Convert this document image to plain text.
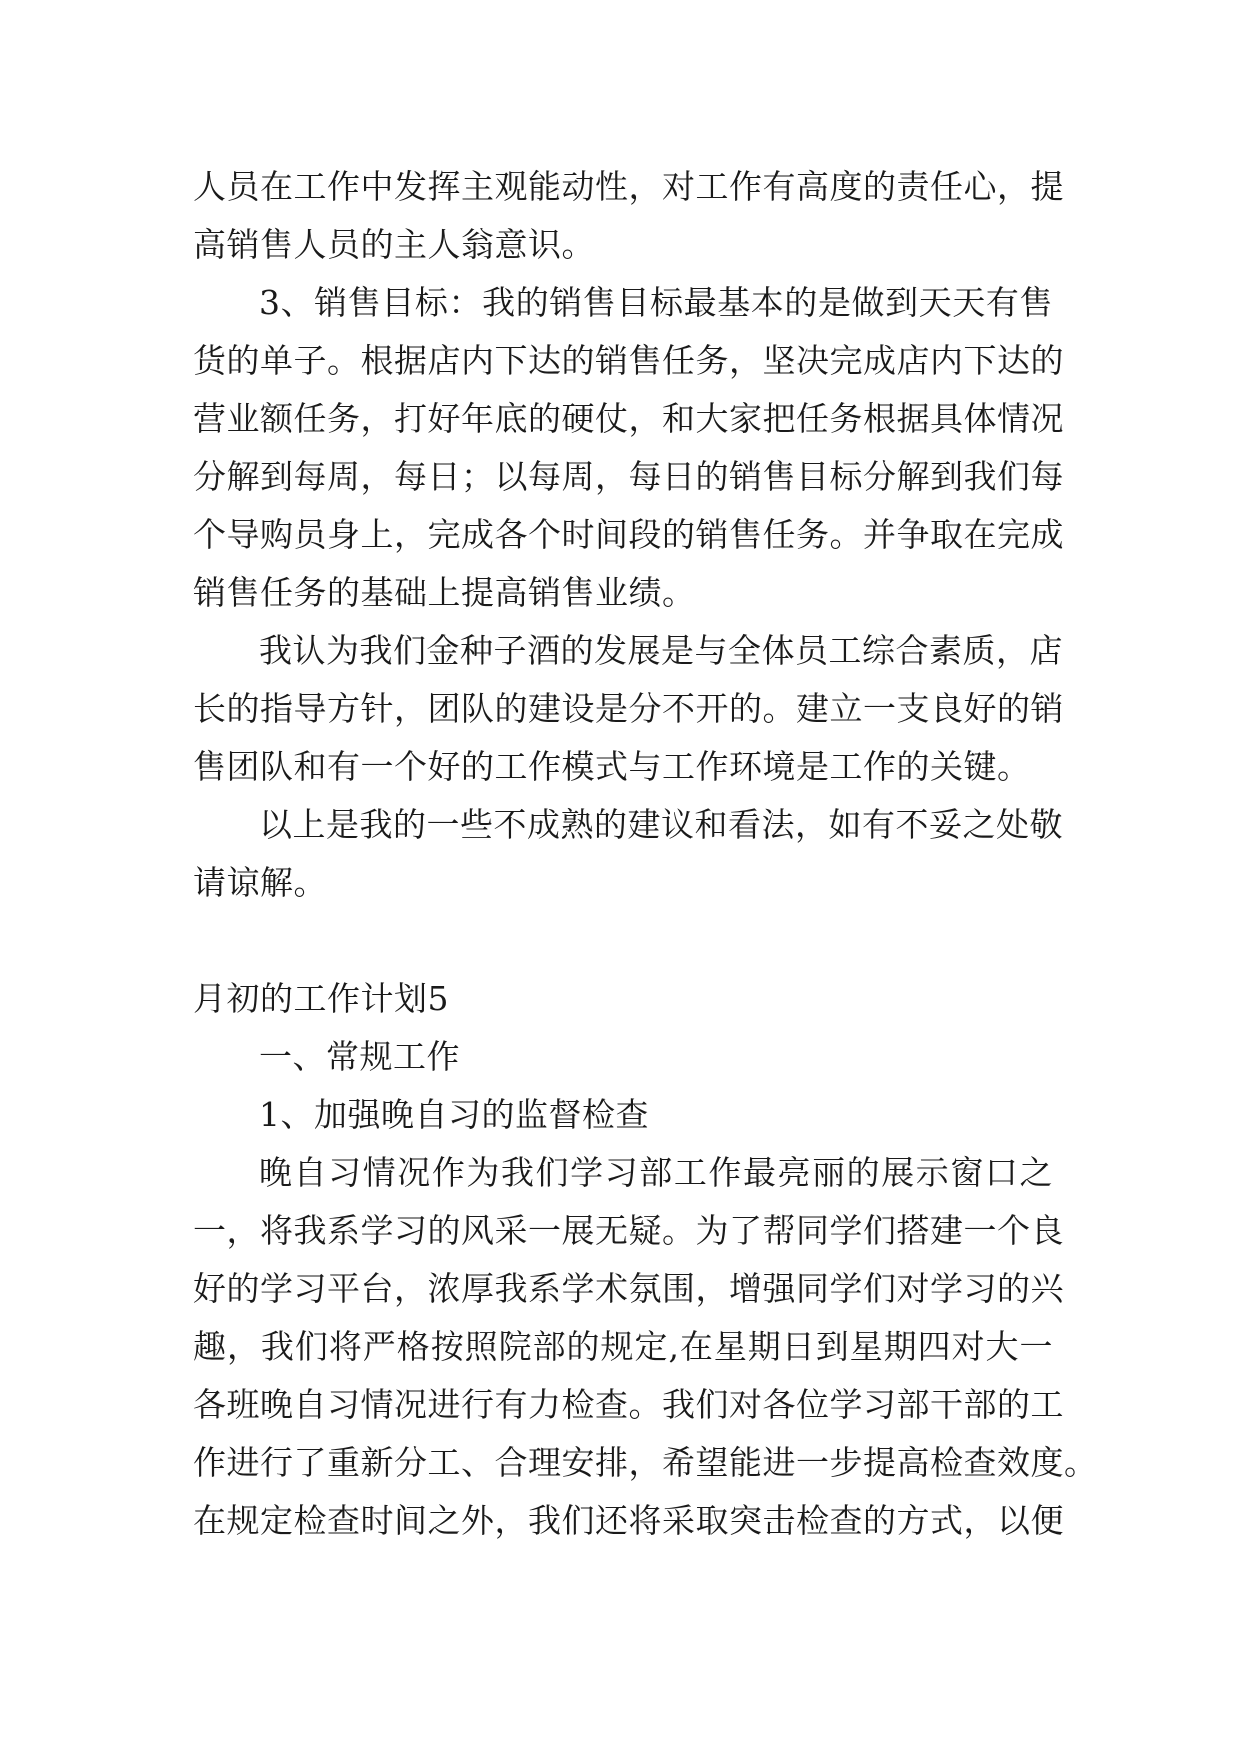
人员在工作中发挥主观能动性，对工作有高度的责任心，提
高销售人员的主人翁意识。
3、销售目标：我的销售目标最基本的是做到天天有售
货的单子。根据店内下达的销售任务，坚决完成店内下达的
营业额任务，打好年底的硬仗，和大家把任务根据具体情况
分解到每周，每日；以每周，每日的销售目标分解到我们每
个导购员身上，完成各个时间段的销售任务。并争取在完成
销售任务的基础上提高销售业绩。
我认为我们金种子酒的发展是与全体员工综合素质，店
长的指导方针，团队的建设是分不开的。建立一支良好的销
售团队和有一个好的工作模式与工作环境是工作的关键。
以上是我的一些不成熟的建议和看法，如有不妥之处敬
请谅解。
月初的工作计划5
一、常规工作
1、加强晚自习的监督检查
晚自习情况作为我们学习部工作最亮丽的展示窗口之
一，将我系学习的风采一展无疑。为了帮同学们搭建一个良
好的学习平台，浓厚我系学术氛围，增强同学们对学习的兴
趣，我们将严格按照院部的规定,在星期日到星期四对大一
各班晚自习情况进行有力检查。我们对各位学习部干部的工
作进行了重新分工、合理安排，希望能进一步提高检查效度。
在规定检查时间之外，我们还将采取突击检查的方式，以便
